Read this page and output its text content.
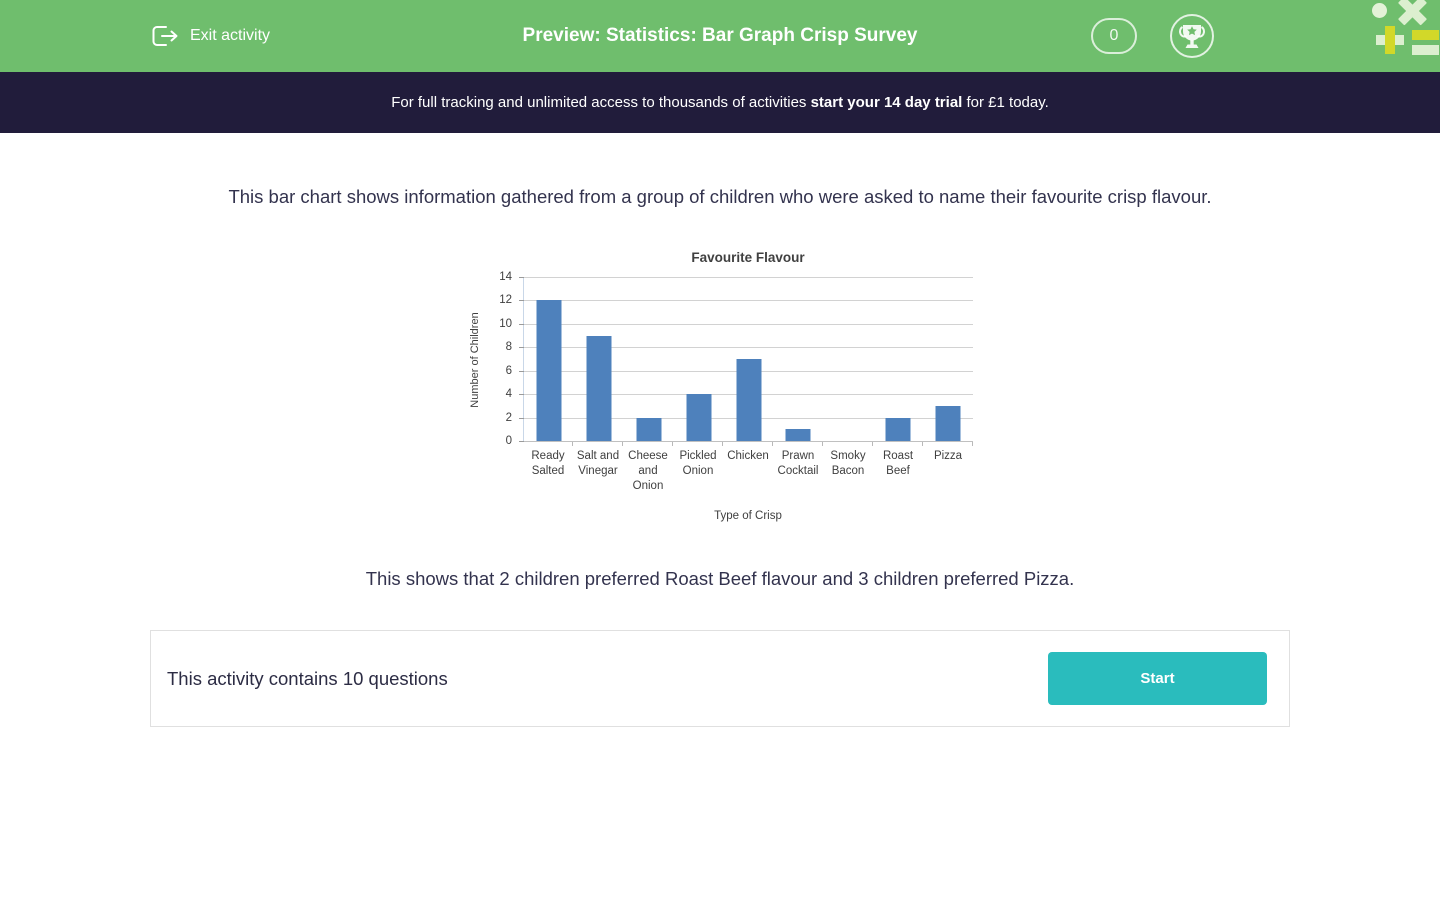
Exit activity	Preview: Statistics: Bar Graph Crisp Survey	0

For full tracking and unlimited access to thousands of activities start your 14 day trial for £1 today.

This bar chart shows information gathered from a group of children who were asked to name their favourite crisp flavour.

Favourite Flavour
Number of Children
0
2
4
6
8
10
12
14
Ready Salted
Salt and Vinegar
Cheese and Onion
Pickled Onion
Chicken	Prawn Cocktail
Smoky Bacon
Roast Beef
Pizza
Type of Crisp

This shows that 2 children preferred Roast Beef flavour and 3 children preferred Pizza.

This activity contains 10 questions	Start
